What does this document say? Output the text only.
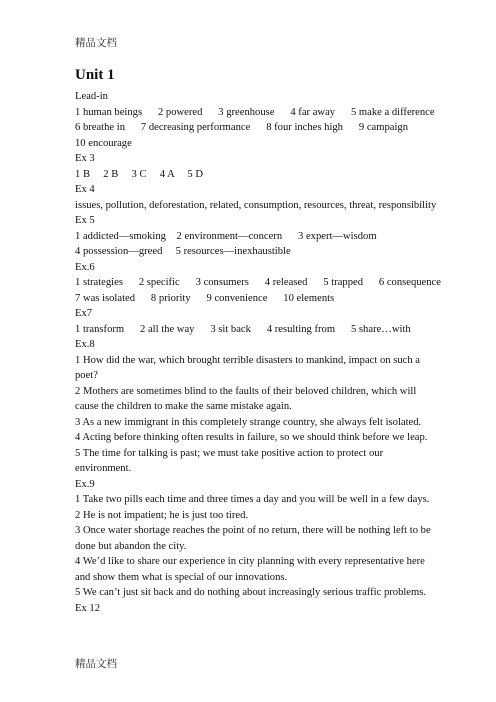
精品文档
Unit 1
Lead-in
1 human beings      2 powered      3 greenhouse      4 far away      5 make a difference
6 breathe in      7 decreasing performance      8 four inches high      9 campaign
10 encourage
Ex 3
1 B     2 B     3 C     4 A     5 D
Ex 4
issues, pollution, deforestation, related, consumption, resources, threat, responsibility
Ex 5
1 addicted—smoking    2 environment—concern      3 expert—wisdom
4 possession—greed     5 resources—inexhaustible
Ex.6
1 strategies      2 specific      3 consumers      4 released      5 trapped      6 consequence
7 was isolated      8 priority      9 convenience      10 elements
Ex7
1 transform      2 all the way      3 sit back      4 resulting from      5 share…with
Ex.8
1 How did the war, which brought terrible disasters to mankind, impact on such a
poet?
2 Mothers are sometimes blind to the faults of their beloved children, which will
cause the children to make the same mistake again.
3 As a new immigrant in this completely strange country, she always felt isolated.
4 Acting before thinking often results in failure, so we should think before we leap.
5 The time for talking is past; we must take positive action to protect our
environment.
Ex.9
1 Take two pills each time and three times a day and you will be well in a few days.
2 He is not impatient; he is just too tired.
3 Once water shortage reaches the point of no return, there will be nothing left to be
done but abandon the city.
4 We’d like to share our experience in city planning with every representative here
and show them what is special of our innovations.
5 We can’t just sit back and do nothing about increasingly serious traffic problems.
Ex 12
精品文档
